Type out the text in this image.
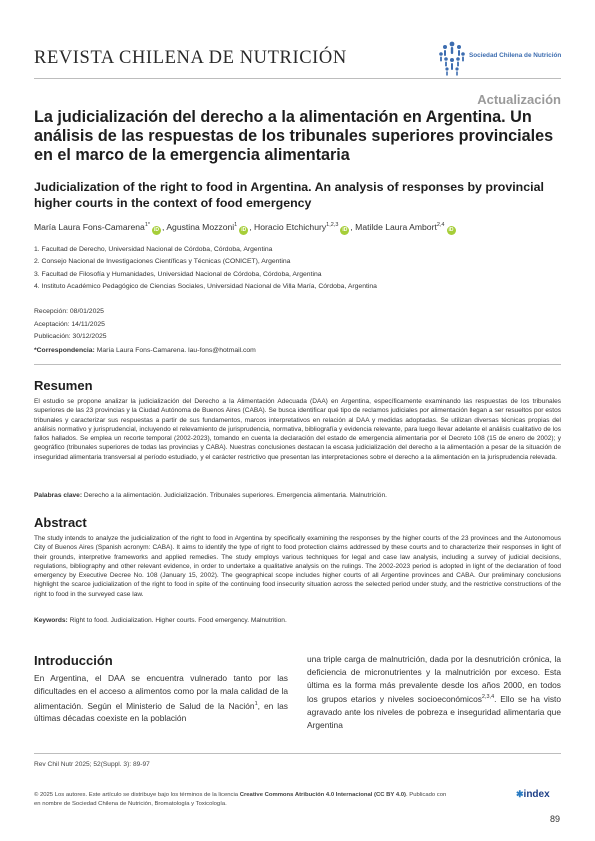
REVISTA CHILENA DE NUTRICIÓN	Sociedad Chilena de Nutrición
Actualización
La judicialización del derecho a la alimentación en Argentina. Un análisis de las respuestas de los tribunales superiores provinciales en el marco de la emergencia alimentaria
Judicialization of the right to food in Argentina. An analysis of responses by provincial higher courts in the context of food emergency
María Laura Fons-Camarena$^{1*}$iD , Agustina Mozzoni$^1$iD , Horacio Etchichury$^{1,2,3}$iD , Matilde Laura Ambort$^{2,4}$iD
1. Facultad de Derecho, Universidad Nacional de Córdoba, Córdoba, Argentina
2. Consejo Nacional de Investigaciones Científicas y Técnicas (CONICET), Argentina
3. Facultad de Filosofía y Humanidades, Universidad Nacional de Córdoba, Córdoba, Argentina
4. Instituto Académico Pedagógico de Ciencias Sociales, Universidad Nacional de Villa María, Córdoba, Argentina
Recepción: 08/01/2025
Aceptación: 14/11/2025
Publicación: 30/12/2025
*Correspondencia: María Laura Fons-Camarena. lau-fons@hotmail.com
Resumen
El estudio se propone analizar la judicialización del Derecho a la Alimentación Adecuada (DAA) en Argentina, específicamente examinando las respuestas de los tribunales superiores de las 23 provincias y la Ciudad Autónoma de Buenos Aires (CABA). Se busca identificar qué tipo de reclamos judiciales por alimentación llegan a ser resueltos por estos tribunales y caracterizar sus respuestas a partir de sus fundamentos, marcos interpretativos en relación al DAA y medidas adoptadas. Se utilizan diversas técnicas propias del análisis normativo y jurisprudencial, incluyendo el relevamiento de jurisprudencia, normativa, bibliografía y evidencia relevante, para luego llevar adelante el análisis cualitativo de los fallos hallados. Se emplea un recorte temporal (2002-2023), tomando en cuenta la declaración del estado de emergencia alimentaria por el Decreto 108 (15 de enero de 2002); y geográfico (tribunales superiores de todas las provincias y CABA). Nuestras conclusiones destacan la escasa judicialización del derecho a la alimentación a pesar de la situación de inseguridad alimentaria transversal al período estudiado, y el carácter restrictivo que presentan las interpretaciones sobre el derecho a la alimentación en la jurisprudencia relevada.
Palabras clave: Derecho a la alimentación. Judicialización. Tribunales superiores. Emergencia alimentaria. Malnutrición.
Abstract
The study intends to analyze the judicialization of the right to food in Argentina by specifically examining the responses by the higher courts of the 23 provinces and the Autonomous City of Buenos Aires (Spanish acronym: CABA). It aims to identify the type of right to food protection claims addressed by these courts and to characterize their responses in light of their grounds, interpretive frameworks and applied remedies. The study employs various techniques for legal and case law analysis, including a survey of judicial decisions, regulations, bibliography and other relevant evidence, in order to undertake a qualitative analysis on the rulings. The 2002-2023 period is adopted in light of the declaration of food emergency by Executive Decree No. 108 (January 15, 2002). The geographical scope includes higher courts of all Argentine provinces and CABA. Our preliminary conclusions highlight the scarce judicialization of the right to food in spite of the continuing food insecurity situation across the selected period under study, and the restrictive constructions of the right to food in the surveyed case law.
Keywords: Right to food. Judicialization. Higher courts. Food emergency. Malnutrition.
Introducción
En Argentina, el DAA se encuentra vulnerado tanto por las dificultades en el acceso a alimentos como por la mala calidad de la alimentación. Según el Ministerio de Salud de la Nación$^1$, en las últimas décadas coexiste en la población
una triple carga de malnutrición, dada por la desnutrición crónica, la deficiencia de micronutrientes y la malnutrición por exceso. Esta última es la forma más prevalente desde los años 2000, en todos los grupos etarios y niveles socioeconómicos$^{2,3,4}$. Ello se ha visto agravado ante los niveles de pobreza e inseguridad alimentaria que Argentina
Rev Chil Nutr 2025; 52(Suppl. 3): 89-97
© 2025 Los autores. Este artículo se distribuye bajo los términos de la licencia Creative Commons Atribución 4.0 Internacional (CC BY 4.0). Publicado con
en nombre de Sociedad Chilena de Nutrición, Bromatología y Toxicología.
✱index
89
